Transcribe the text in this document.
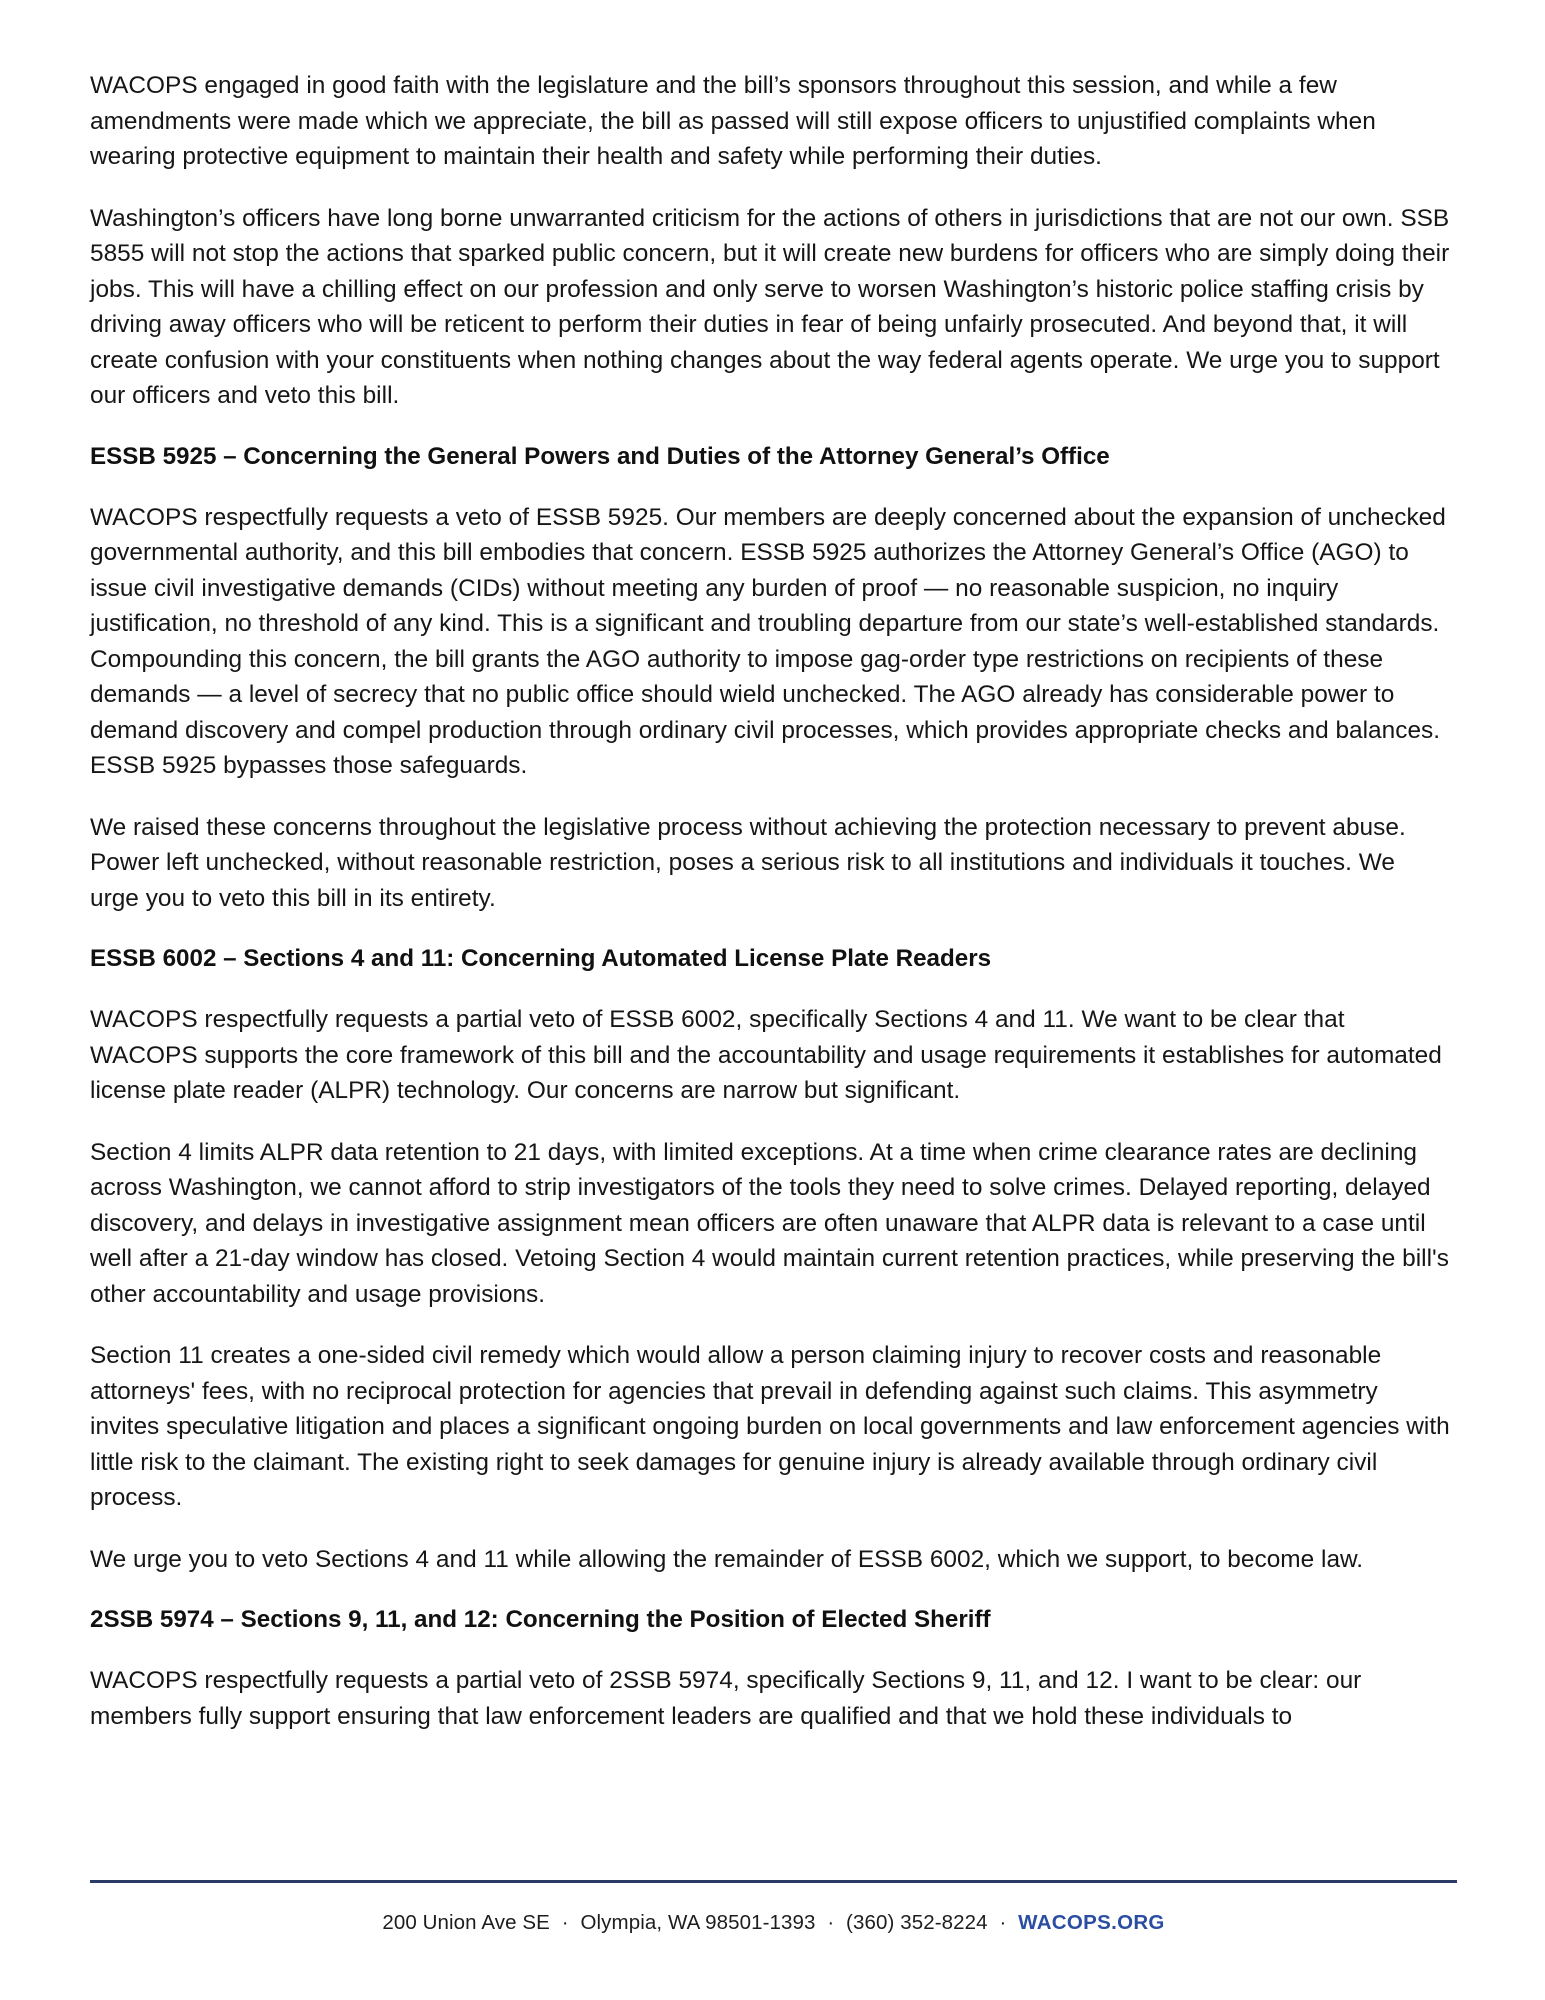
WACOPS engaged in good faith with the legislature and the bill’s sponsors throughout this session, and while a few amendments were made which we appreciate, the bill as passed will still expose officers to unjustified complaints when wearing protective equipment to maintain their health and safety while performing their duties.

Washington’s officers have long borne unwarranted criticism for the actions of others in jurisdictions that are not our own. SSB 5855 will not stop the actions that sparked public concern, but it will create new burdens for officers who are simply doing their jobs. This will have a chilling effect on our profession and only serve to worsen Washington’s historic police staffing crisis by driving away officers who will be reticent to perform their duties in fear of being unfairly prosecuted. And beyond that, it will create confusion with your constituents when nothing changes about the way federal agents operate. We urge you to support our officers and veto this bill.

ESSB 5925 – Concerning the General Powers and Duties of the Attorney General’s Office

WACOPS respectfully requests a veto of ESSB 5925. Our members are deeply concerned about the expansion of unchecked governmental authority, and this bill embodies that concern. ESSB 5925 authorizes the Attorney General’s Office (AGO) to issue civil investigative demands (CIDs) without meeting any burden of proof — no reasonable suspicion, no inquiry justification, no threshold of any kind. This is a significant and troubling departure from our state’s well-established standards. Compounding this concern, the bill grants the AGO authority to impose gag-order type restrictions on recipients of these demands — a level of secrecy that no public office should wield unchecked. The AGO already has considerable power to demand discovery and compel production through ordinary civil processes, which provides appropriate checks and balances. ESSB 5925 bypasses those safeguards.

We raised these concerns throughout the legislative process without achieving the protection necessary to prevent abuse. Power left unchecked, without reasonable restriction, poses a serious risk to all institutions and individuals it touches. We urge you to veto this bill in its entirety.

ESSB 6002 – Sections 4 and 11: Concerning Automated License Plate Readers

WACOPS respectfully requests a partial veto of ESSB 6002, specifically Sections 4 and 11. We want to be clear that WACOPS supports the core framework of this bill and the accountability and usage requirements it establishes for automated license plate reader (ALPR) technology. Our concerns are narrow but significant.

Section 4 limits ALPR data retention to 21 days, with limited exceptions. At a time when crime clearance rates are declining across Washington, we cannot afford to strip investigators of the tools they need to solve crimes. Delayed reporting, delayed discovery, and delays in investigative assignment mean officers are often unaware that ALPR data is relevant to a case until well after a 21-day window has closed. Vetoing Section 4 would maintain current retention practices, while preserving the bill's other accountability and usage provisions.

Section 11 creates a one-sided civil remedy which would allow a person claiming injury to recover costs and reasonable attorneys' fees, with no reciprocal protection for agencies that prevail in defending against such claims. This asymmetry invites speculative litigation and places a significant ongoing burden on local governments and law enforcement agencies with little risk to the claimant. The existing right to seek damages for genuine injury is already available through ordinary civil process.

We urge you to veto Sections 4 and 11 while allowing the remainder of ESSB 6002, which we support, to become law.

2SSB 5974 – Sections 9, 11, and 12: Concerning the Position of Elected Sheriff

WACOPS respectfully requests a partial veto of 2SSB 5974, specifically Sections 9, 11, and 12. I want to be clear: our members fully support ensuring that law enforcement leaders are qualified and that we hold these individuals to

200 Union Ave SE · Olympia, WA 98501-1393 · (360) 352-8224 · WACOPS.ORG
